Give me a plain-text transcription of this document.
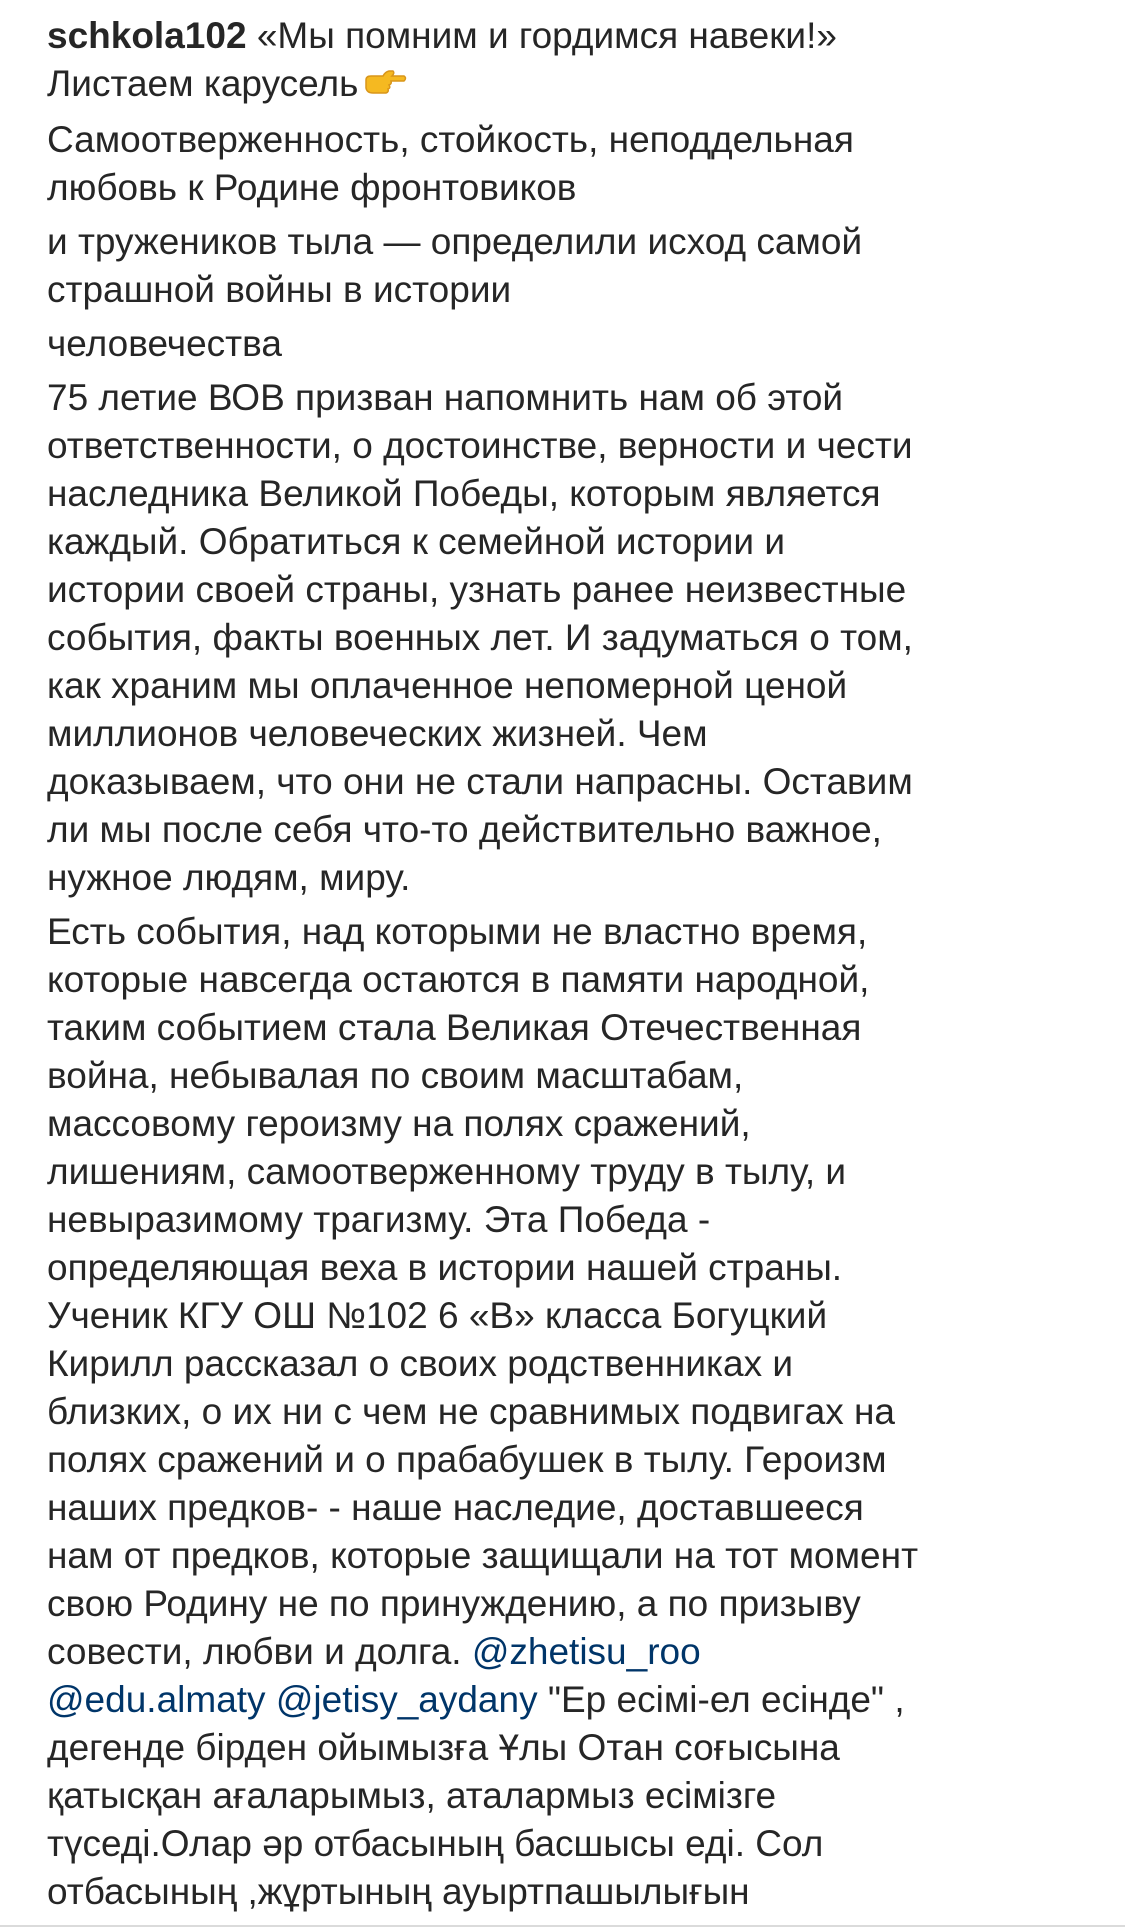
schkola102 «Мы помним и гордимся навеки!»
Листаем карусель
Самоотверженность, стойкость, неподдельная
любовь к Родине фронтовиков
и тружеников тыла — определили исход самой
страшной войны в истории
человечества
75 летие ВОВ призван напомнить нам об этой
ответственности, о достоинстве, верности и чести
наследника Великой Победы, которым является
каждый. Обратиться к семейной истории и
истории своей страны, узнать ранее неизвестные
события, факты военных лет. И задуматься о том,
как храним мы оплаченное непомерной ценой
миллионов человеческих жизней. Чем
доказываем, что они не стали напрасны. Оставим
ли мы после себя что-то действительно важное,
нужное людям, миру.
Есть события, над которыми не властно время,
которые навсегда остаются в памяти народной,
таким событием стала Великая Отечественная
война, небывалая по своим масштабам,
массовому героизму на полях сражений,
лишениям, самоотверженному труду в тылу, и
невыразимому трагизму. Эта Победа -
определяющая веха в истории нашей страны.
Ученик КГУ ОШ №102 6 «В» класса Богуцкий
Кирилл рассказал о своих родственниках и
близких, о их ни с чем не сравнимых подвигах на
полях сражений и о прабабушек в тылу. Героизм
наших предков- - наше наследие, доставшееся
нам от предков, которые защищали на тот момент
свою Родину не по принуждению, а по призыву
совести, любви и долга. @zhetisu_roo
@edu.almaty @jetisy_aydany "Ер есімі-ел есінде" ,
дегенде бірден ойымызға Ұлы Отан соғысына
қатысқан ағаларымыз, аталармыз есімізге
түседі.Олар әр отбасының басшысы еді. Сол
отбасының ,жұртының ауыртпашылығын
